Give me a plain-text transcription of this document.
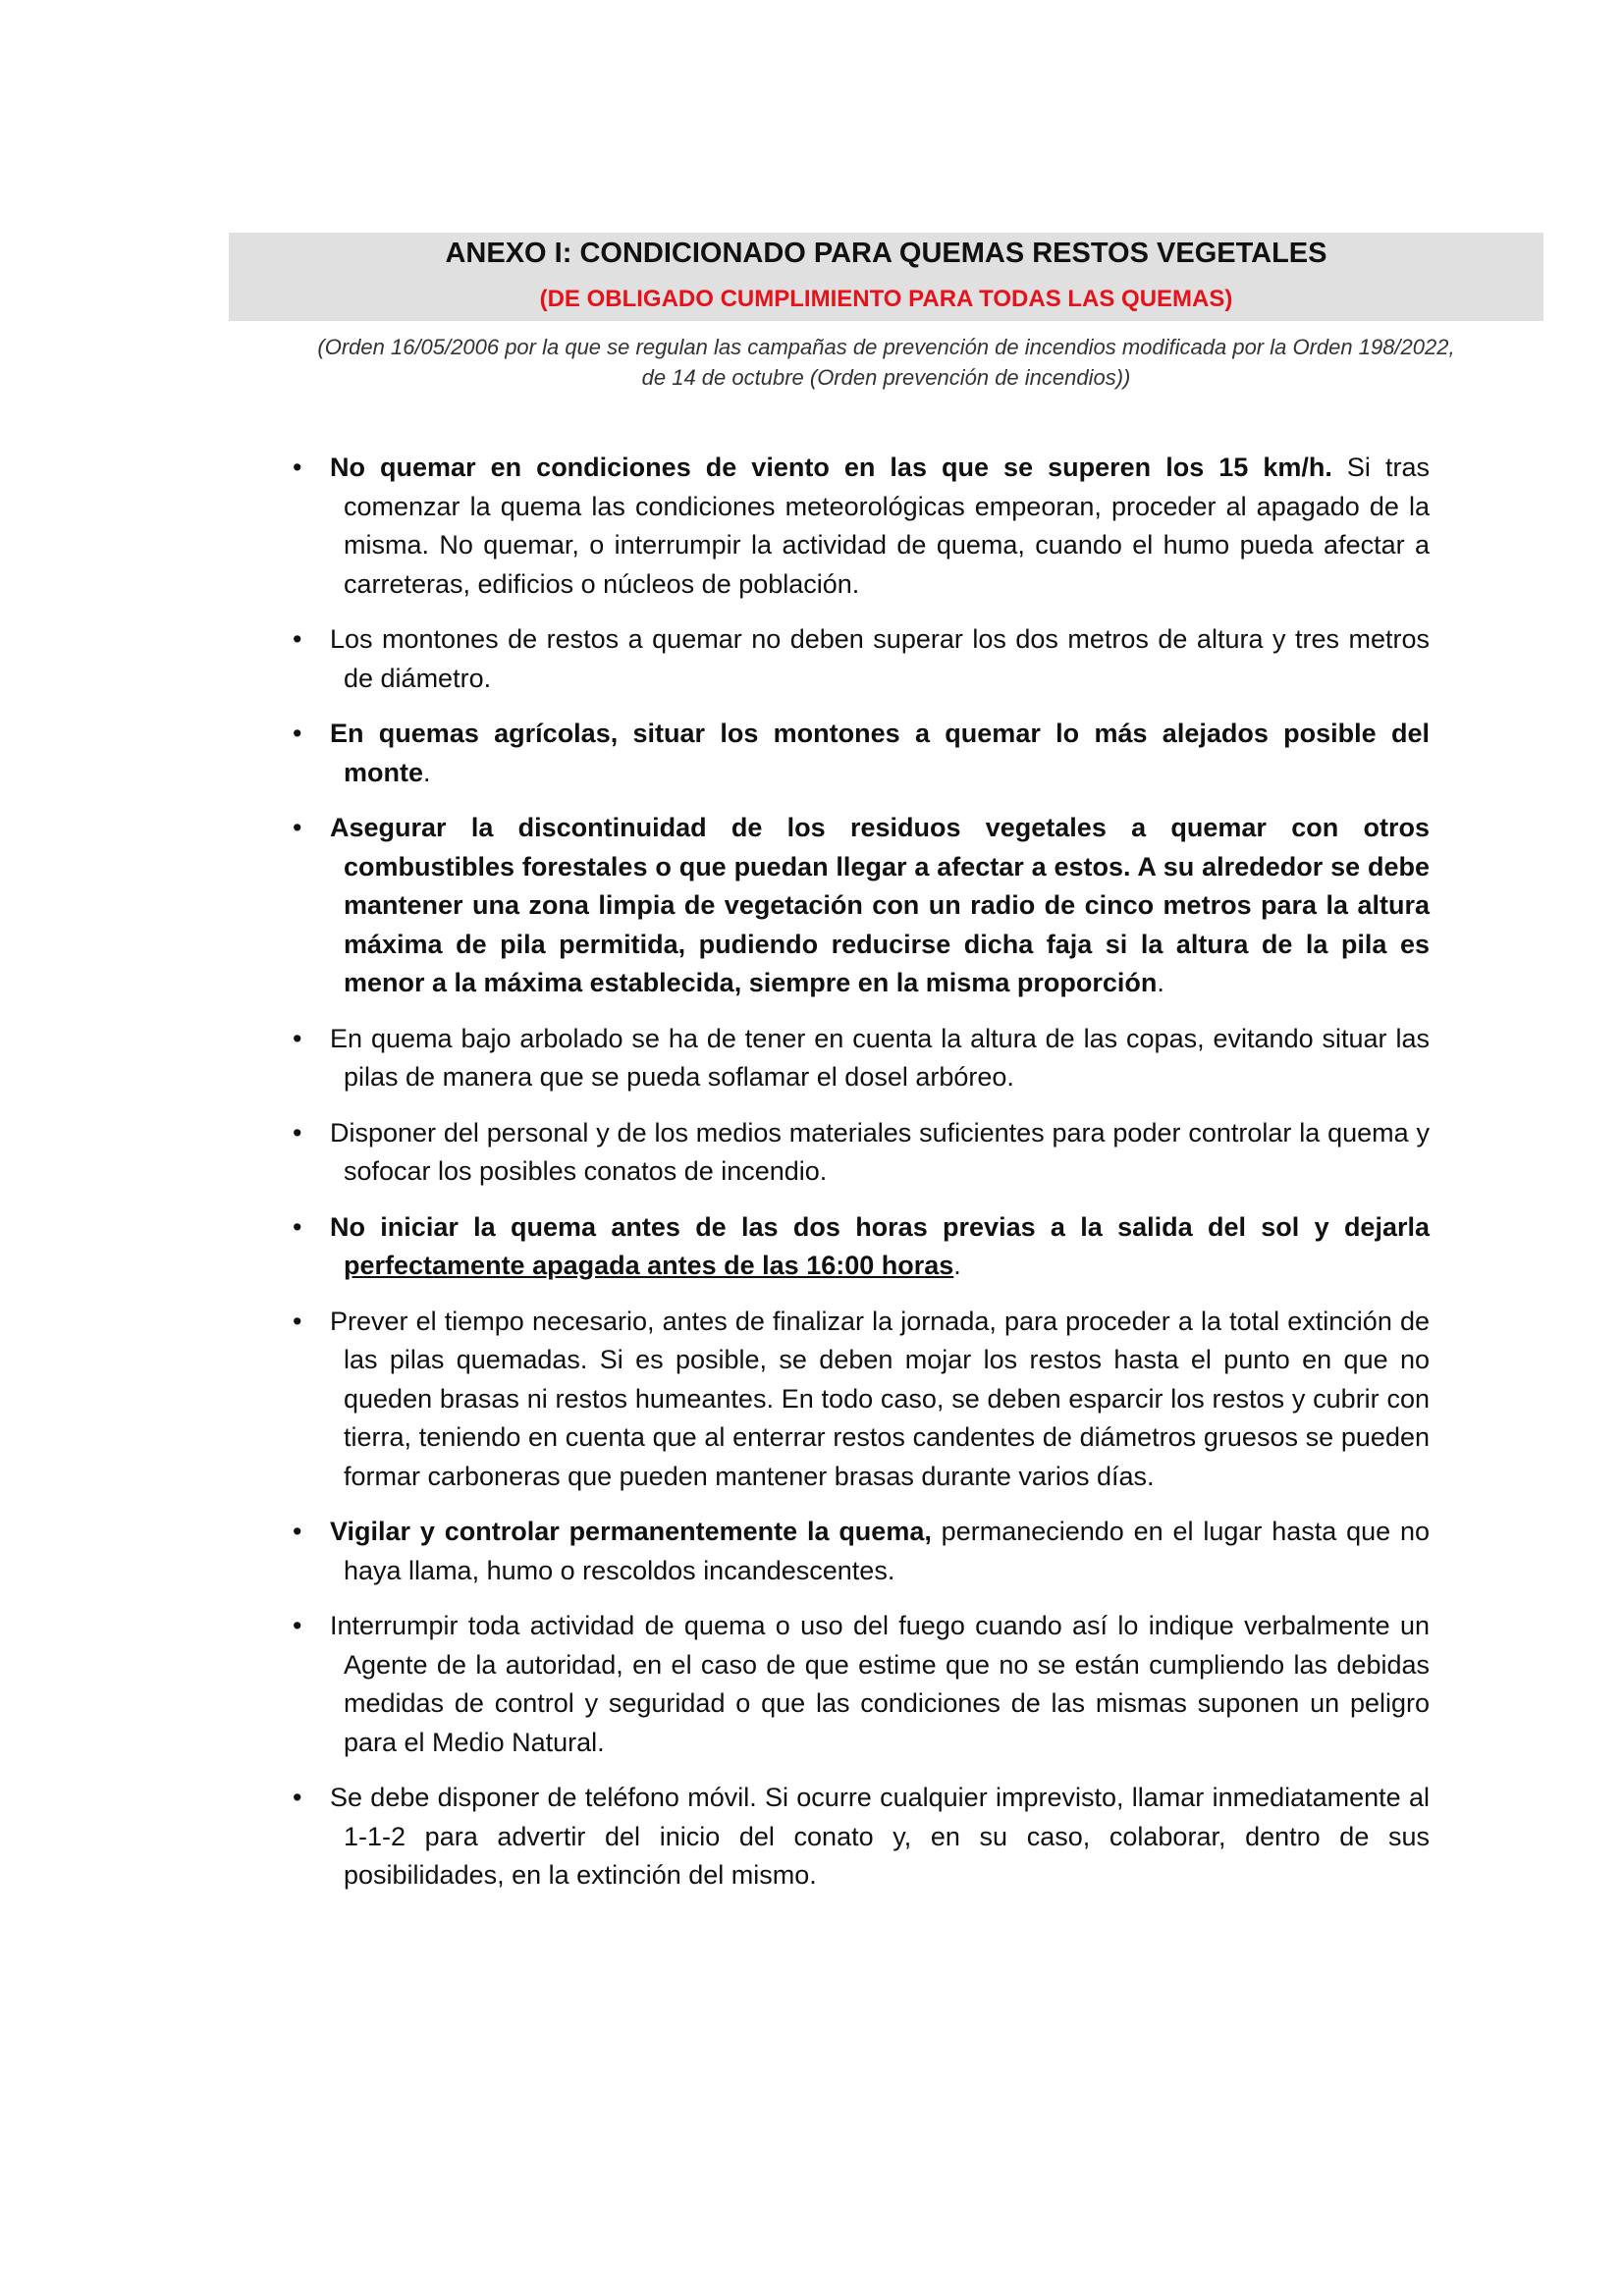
ANEXO I: CONDICIONADO PARA QUEMAS RESTOS VEGETALES

(DE OBLIGADO CUMPLIMIENTO PARA TODAS LAS QUEMAS)

(Orden 16/05/2006 por la que se regulan las campañas de prevención de incendios modificada por la Orden 198/2022,
de 14 de octubre (Orden prevención de incendios))

• No quemar en condiciones de viento en las que se superen los 15 km/h. Si tras comenzar la quema las condiciones meteorológicas empeoran, proceder al apagado de la misma. No quemar, o interrumpir la actividad de quema, cuando el humo pueda afectar a carreteras, edificios o núcleos de población.
• Los montones de restos a quemar no deben superar los dos metros de altura y tres metros de diámetro.
• En quemas agrícolas, situar los montones a quemar lo más alejados posible del monte.
• Asegurar la discontinuidad de los residuos vegetales a quemar con otros combustibles forestales o que puedan llegar a afectar a estos. A su alrededor se debe mantener una zona limpia de vegetación con un radio de cinco metros para la altura máxima de pila permitida, pudiendo reducirse dicha faja si la altura de la pila es menor a la máxima establecida, siempre en la misma proporción.
• En quema bajo arbolado se ha de tener en cuenta la altura de las copas, evitando situar las pilas de manera que se pueda soflamar el dosel arbóreo.
• Disponer del personal y de los medios materiales suficientes para poder controlar la quema y sofocar los posibles conatos de incendio.
• No iniciar la quema antes de las dos horas previas a la salida del sol y dejarla perfectamente apagada antes de las 16:00 horas.
• Prever el tiempo necesario, antes de finalizar la jornada, para proceder a la total extinción de las pilas quemadas. Si es posible, se deben mojar los restos hasta el punto en que no queden brasas ni restos humeantes. En todo caso, se deben esparcir los restos y cubrir con tierra, teniendo en cuenta que al enterrar restos candentes de diámetros gruesos se pueden formar carboneras que pueden mantener brasas durante varios días.
• Vigilar y controlar permanentemente la quema, permaneciendo en el lugar hasta que no haya llama, humo o rescoldos incandescentes.
• Interrumpir toda actividad de quema o uso del fuego cuando así lo indique verbalmente un Agente de la autoridad, en el caso de que estime que no se están cumpliendo las debidas medidas de control y seguridad o que las condiciones de las mismas suponen un peligro para el Medio Natural.
• Se debe disponer de teléfono móvil. Si ocurre cualquier imprevisto, llamar inmediatamente al 1-1-2 para advertir del inicio del conato y, en su caso, colaborar, dentro de sus posibilidades, en la extinción del mismo.
